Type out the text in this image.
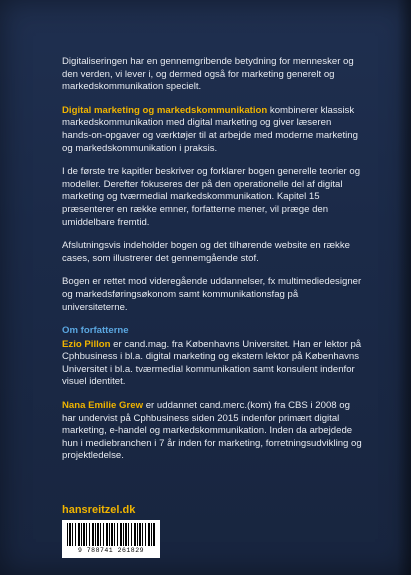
Digitaliseringen har en gennemgribende betydning for mennesker og den verden, vi lever i, og dermed også for marketing generelt og markedskommunikation specielt.

Digital marketing og markedskommunikation kombinerer klassisk markedskommunikation med digital marketing og giver læseren hands-on-opgaver og værktøjer til at arbejde med moderne marketing og markedskommunikation i praksis.

I de første tre kapitler beskriver og forklarer bogen generelle teorier og modeller. Derefter fokuseres der på den operationelle del af digital marketing og tværmedial markedskommunikation. Kapitel 15 præsenterer en række emner, forfatterne mener, vil præge den umiddelbare fremtid.

Afslutningsvis indeholder bogen og det tilhørende website en række cases, som illustrerer det gennemgående stof.

Bogen er rettet mod videregående uddannelser, fx multimediedesigner og markedsføringsøkonom samt kommunikationsfag på universiteterne.

Om forfatterne
Ezio Pillon er cand.mag. fra Københavns Universitet. Han er lektor på Cphbusiness i bl.a. digital marketing og ekstern lektor på Københavns Universitet i bl.a. tværmedial kommunikation samt konsulent indenfor visuel identitet.
Nana Emilie Grew er uddannet cand.merc.(kom) fra CBS i 2008 og har undervist på Cphbusiness siden 2015 indenfor primært digital marketing, e-handel og markedskommunikation. Inden da arbejdede hun i mediebranchen i 7 år inden for marketing, forretningsudvikling og projektledelse.
hansreitzel.dk
9 788741 261829
